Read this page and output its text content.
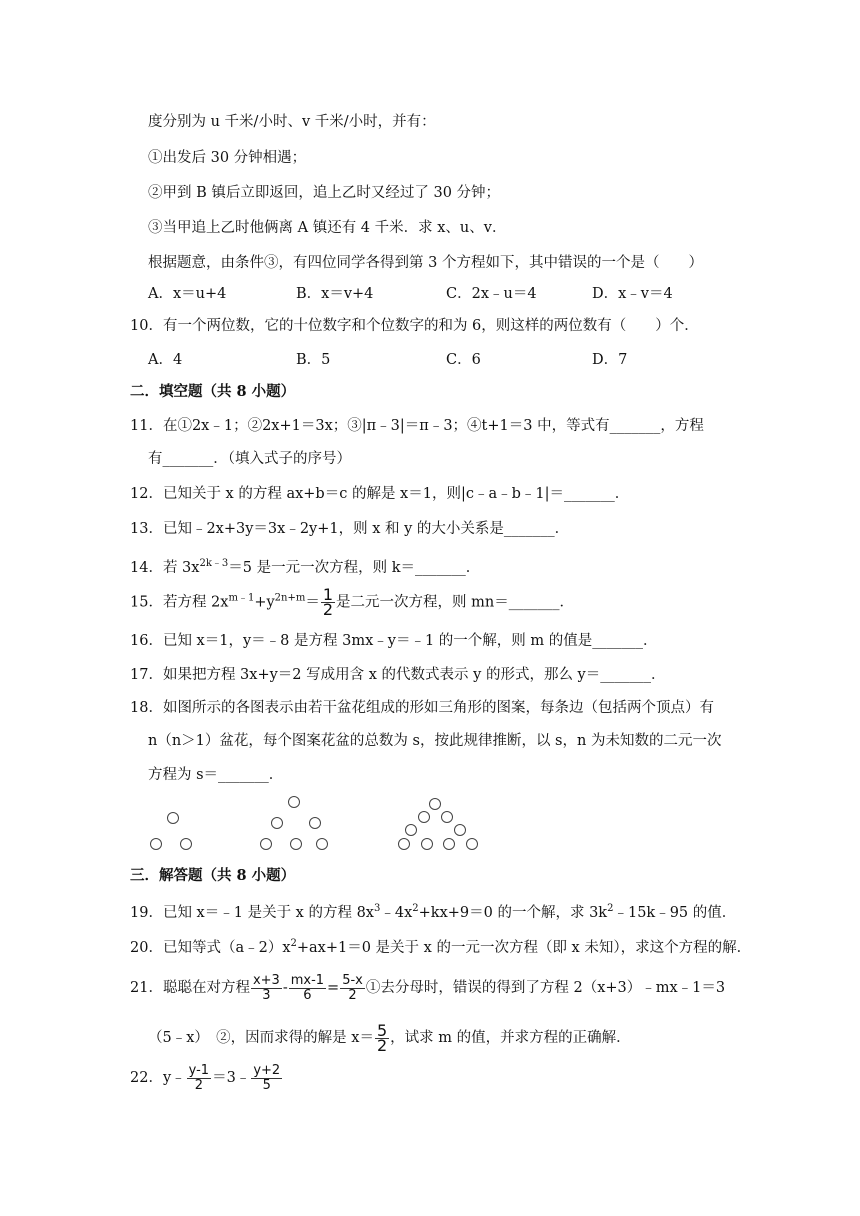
度分别为 u 千米/小时、v 千米/小时，并有：
①出发后 30 分钟相遇；
②甲到 B 镇后立即返回，追上乙时又经过了 30 分钟；
③当甲追上乙时他俩离 A 镇还有 4 千米．求 x、u、v．
根据题意，由条件③，有四位同学各得到第 3 个方程如下，其中错误的一个是（　　）
A．x＝u+4	B．x＝v+4	C．2x﹣u＝4	D．x﹣v＝4
10．有一个两位数，它的十位数字和个位数字的和为 6，则这样的两位数有（　　）个．
A．4	B．5	C．6	D．7
二．填空题（共 8 小题）
11．在①2x﹣1；②2x+1＝3x；③|π﹣3|＝π﹣3；④t+1＝3 中，等式有_______，方程
有_______．（填入式子的序号）
12．已知关于 x 的方程 ax+b＝c 的解是 x＝1，则|c﹣a﹣b﹣1|＝_______．
13．已知﹣2x+3y＝3x﹣2y+1，则 x 和 y 的大小关系是_______．
14．若 $3x^{2k﹣3}=5$ 是一元一次方程，则 k＝_______．
15．若方程 $2x^{m﹣1}+y^{2n+m}= \frac{1}{2}$ 是二元一次方程，则 mn＝_______．
16．已知 x＝1，y＝﹣8 是方程 3mx﹣y＝﹣1 的一个解，则 m 的值是_______．
17．如果把方程 3x+y＝2 写成用含 x 的代数式表示 y 的形式，那么 y＝_______．
18．如图所示的各图表示由若干盆花组成的形如三角形的图案，每条边（包括两个顶点）有
n（n＞1）盆花，每个图案花盆的总数为 s，按此规律推断，以 s，n 为未知数的二元一次
方程为 s＝_______．
三．解答题（共 8 小题）
19．已知 x＝﹣1 是关于 x 的方程 $8x^3﹣4x^2+kx+9=0$ 的一个解，求 $3k^2﹣15k﹣95$ 的值．
20．已知等式$(a﹣2)x^2+ax+1=0$ 是关于 x 的一元一次方程（即 x 未知），求这个方程的解．
21．聪聪在对方程 $\frac{x+3}{3} - \frac{mx-1}{6} = \frac{5-x}{2}$ ①去分母时，错误的得到了方程 2（x+3）﹣mx﹣1＝3
（5﹣x）　②，因而求得的解是 $x= \frac{5}{2}$ ，试求 m 的值，并求方程的正确解．
22．y﹣ $\frac{y-1}{2}$ ＝3﹣ $\frac{y+2}{5}$
